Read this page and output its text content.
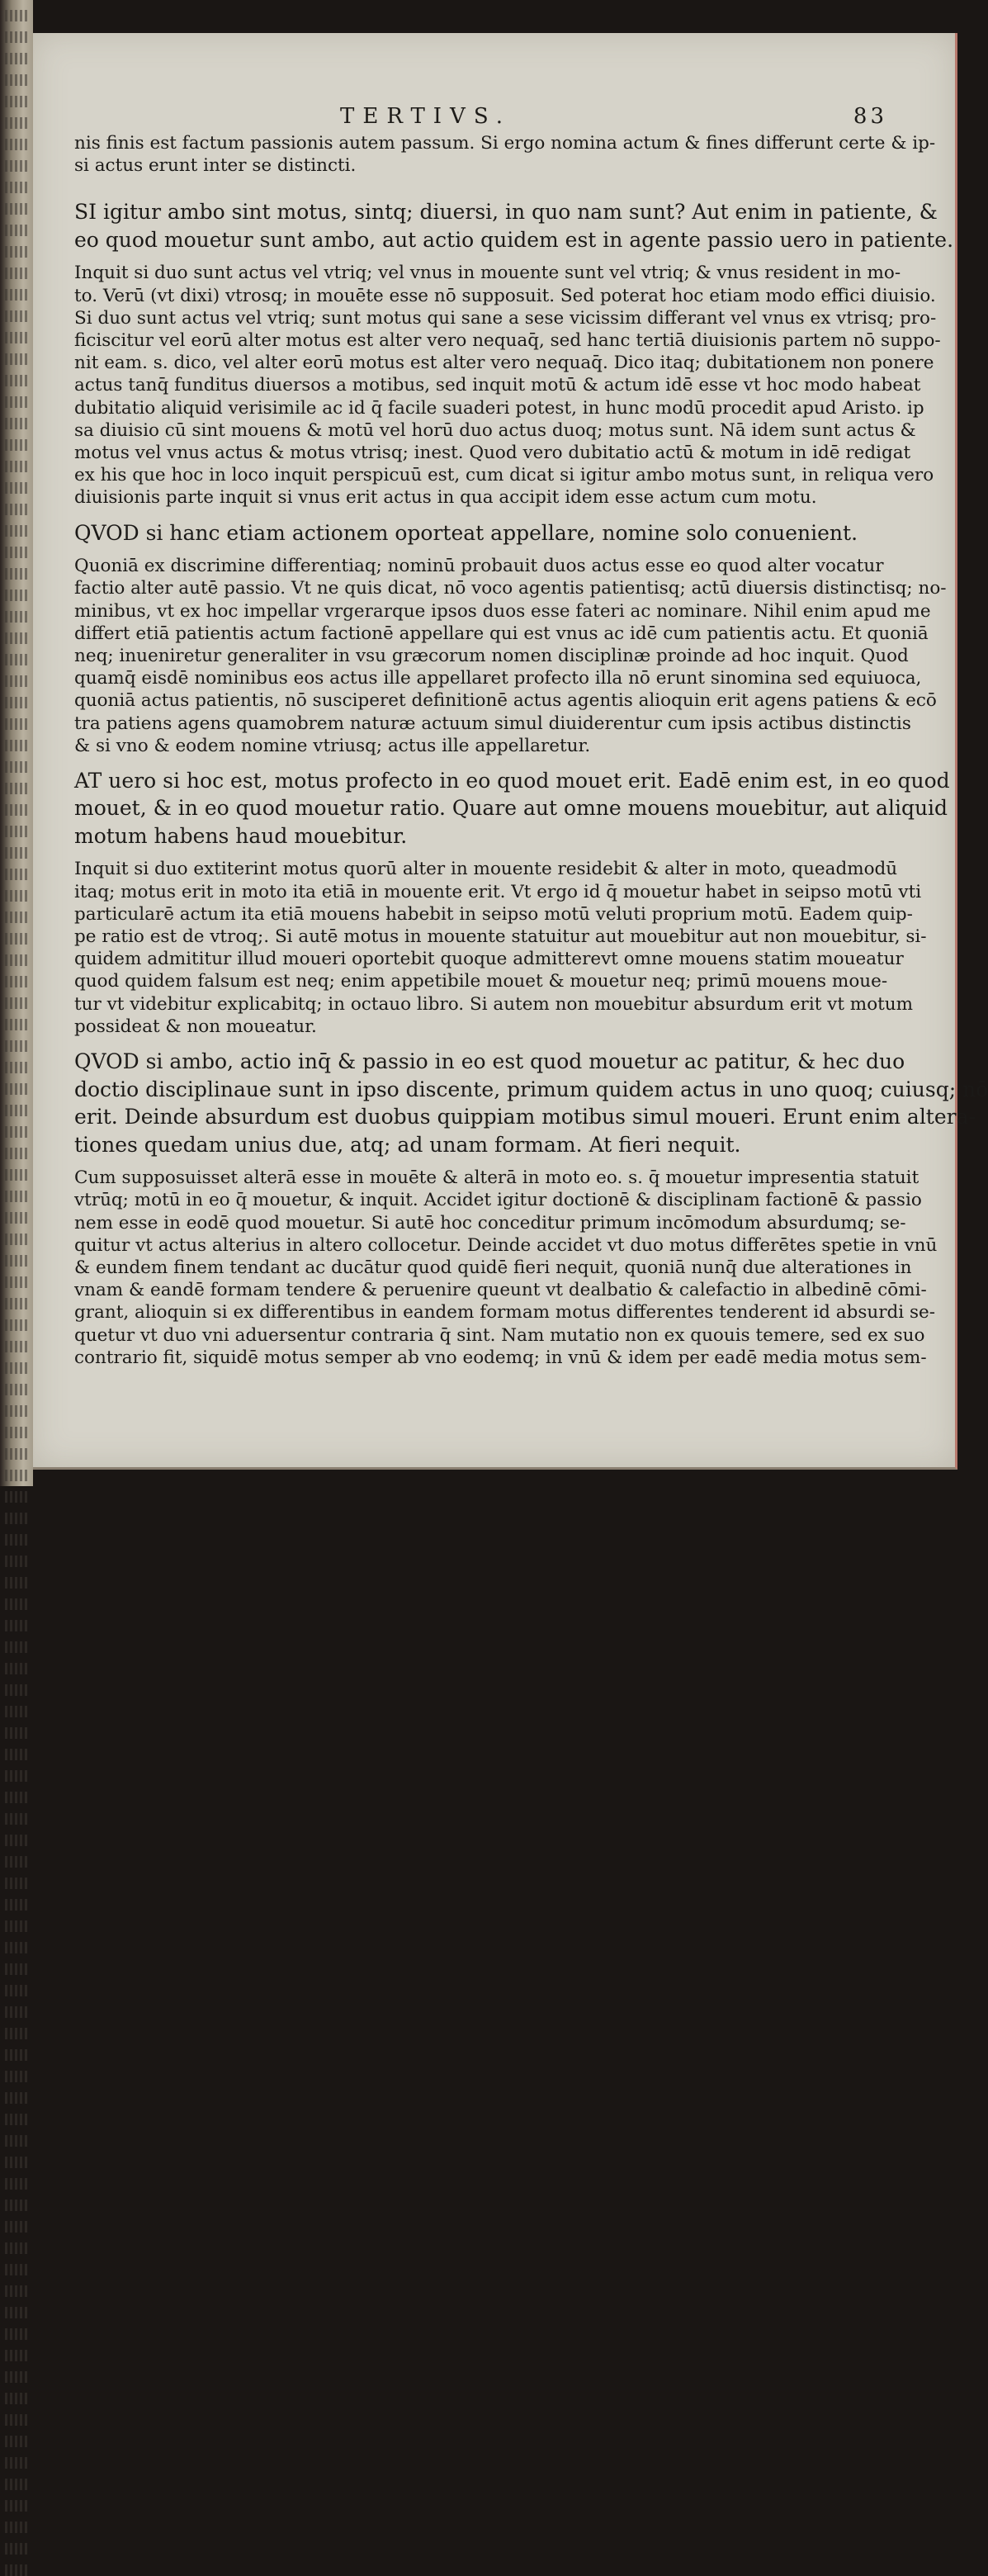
TERTIVS.	83
nis finis est factum passionis autem passum. Si ergo nomina actum & fines differunt certe & ip-
si actus erunt inter se distincti.
SI igitur ambo sint motus, sintq; diuersi, in quo nam sunt? Aut enim in patiente, &
eo quod mouetur sunt ambo, aut actio quidem est in agente passio uero in patiente.
Inquit si duo sunt actus vel vtriq; vel vnus in mouente sunt vel vtriq; & vnus resident in mo-
to. Verū (vt dixi) vtrosq; in mouēte esse nō supposuit. Sed poterat hoc etiam modo effici diuisio.
Si duo sunt actus vel vtriq; sunt motus qui sane a sese vicissim differant vel vnus ex vtrisq; pro-
ficiscitur vel eorū alter motus est alter vero nequaq̄, sed hanc tertiā diuisionis partem nō suppo-
nit eam. s. dico, vel alter eorū motus est alter vero nequaq̄. Dico itaq; dubitationem non ponere
actus tanq̄ funditus diuersos a motibus, sed inquit motū & actum idē esse vt hoc modo habeat
dubitatio aliquid verisimile ac id q̄ facile suaderi potest, in hunc modū procedit apud Aristo. ip
sa diuisio cū sint mouens & motū vel horū duo actus duoq; motus sunt. Nā idem sunt actus &
motus vel vnus actus & motus vtrisq; inest. Quod vero dubitatio actū & motum in idē redigat
ex his que hoc in loco inquit perspicuū est, cum dicat si igitur ambo motus sunt, in reliqua vero
diuisionis parte inquit si vnus erit actus in qua accipit idem esse actum cum motu.
QVOD si hanc etiam actionem oporteat appellare, nomine solo conuenient.
Quoniā ex discrimine differentiaq; nominū probauit duos actus esse eo quod alter vocatur
factio alter autē passio. Vt ne quis dicat, nō voco agentis patientisq; actū diuersis distinctisq; no-
minibus, vt ex hoc impellar vrgerarque ipsos duos esse fateri ac nominare. Nihil enim apud me
differt etiā patientis actum factionē appellare qui est vnus ac idē cum patientis actu. Et quoniā
neq; inueniretur generaliter in vsu græcorum nomen disciplinæ proinde ad hoc inquit. Quod
quamq̄ eisdē nominibus eos actus ille appellaret profecto illa nō erunt sinomina sed equiuoca,
quoniā actus patientis, nō susciperet definitionē actus agentis alioquin erit agens patiens & ecō
tra patiens agens quamobrem naturæ actuum simul diuiderentur cum ipsis actibus distinctis
& si vno & eodem nomine vtriusq; actus ille appellaretur.
AT uero si hoc est, motus profecto in eo quod mouet erit. Eadē enim est, in eo quod
mouet, & in eo quod mouetur ratio. Quare aut omne mouens mouebitur, aut aliquid
motum habens haud mouebitur.
Inquit si duo extiterint motus quorū alter in mouente residebit & alter in moto, queadmodū
itaq; motus erit in moto ita etiā in mouente erit. Vt ergo id q̄ mouetur habet in seipso motū vti
particularē actum ita etiā mouens habebit in seipso motū veluti proprium motū. Eadem quip-
pe ratio est de vtroq;. Si autē motus in mouente statuitur aut mouebitur aut non mouebitur, si-
quidem admititur illud moueri oportebit quoque admitterevt omne mouens statim moueatur
quod quidem falsum est neq; enim appetibile mouet & mouetur neq; primū mouens moue-
tur vt videbitur explicabitq; in octauo libro. Si autem non mouebitur absurdum erit vt motum
possideat & non moueatur.
QVOD si ambo, actio inq̄ & passio in eo est quod mouetur ac patitur, & hec duo
doctio disciplinaue sunt in ipso discente, primum quidem actus in uno quoq; cuiusq; nō
erit. Deinde absurdum est duobus quippiam motibus simul moueri. Erunt enim altera-
tiones quedam unius due, atq; ad unam formam. At fieri nequit.
Cum supposuisset alterā esse in mouēte & alterā in moto eo. s. q̄ mouetur impresentia statuit
vtrūq; motū in eo q̄ mouetur, & inquit. Accidet igitur doctionē & disciplinam factionē & passio
nem esse in eodē quod mouetur. Si autē hoc conceditur primum incōmodum absurdumq; se-
quitur vt actus alterius in altero collocetur. Deinde accidet vt duo motus differētes spetie in vnū
& eundem finem tendant ac ducātur quod quidē fieri nequit, quoniā nunq̄ due alterationes in
vnam & eandē formam tendere & peruenire queunt vt dealbatio & calefactio in albedinē cōmi-
grant, alioquin si ex differentibus in eandem formam motus differentes tenderent id absurdi se-
quetur vt duo vni aduersentur contraria q̄ sint. Nam mutatio non ex quouis temere, sed ex suo
contrario fit, siquidē motus semper ab vno eodemq; in vnū & idem per eadē media motus sem-
